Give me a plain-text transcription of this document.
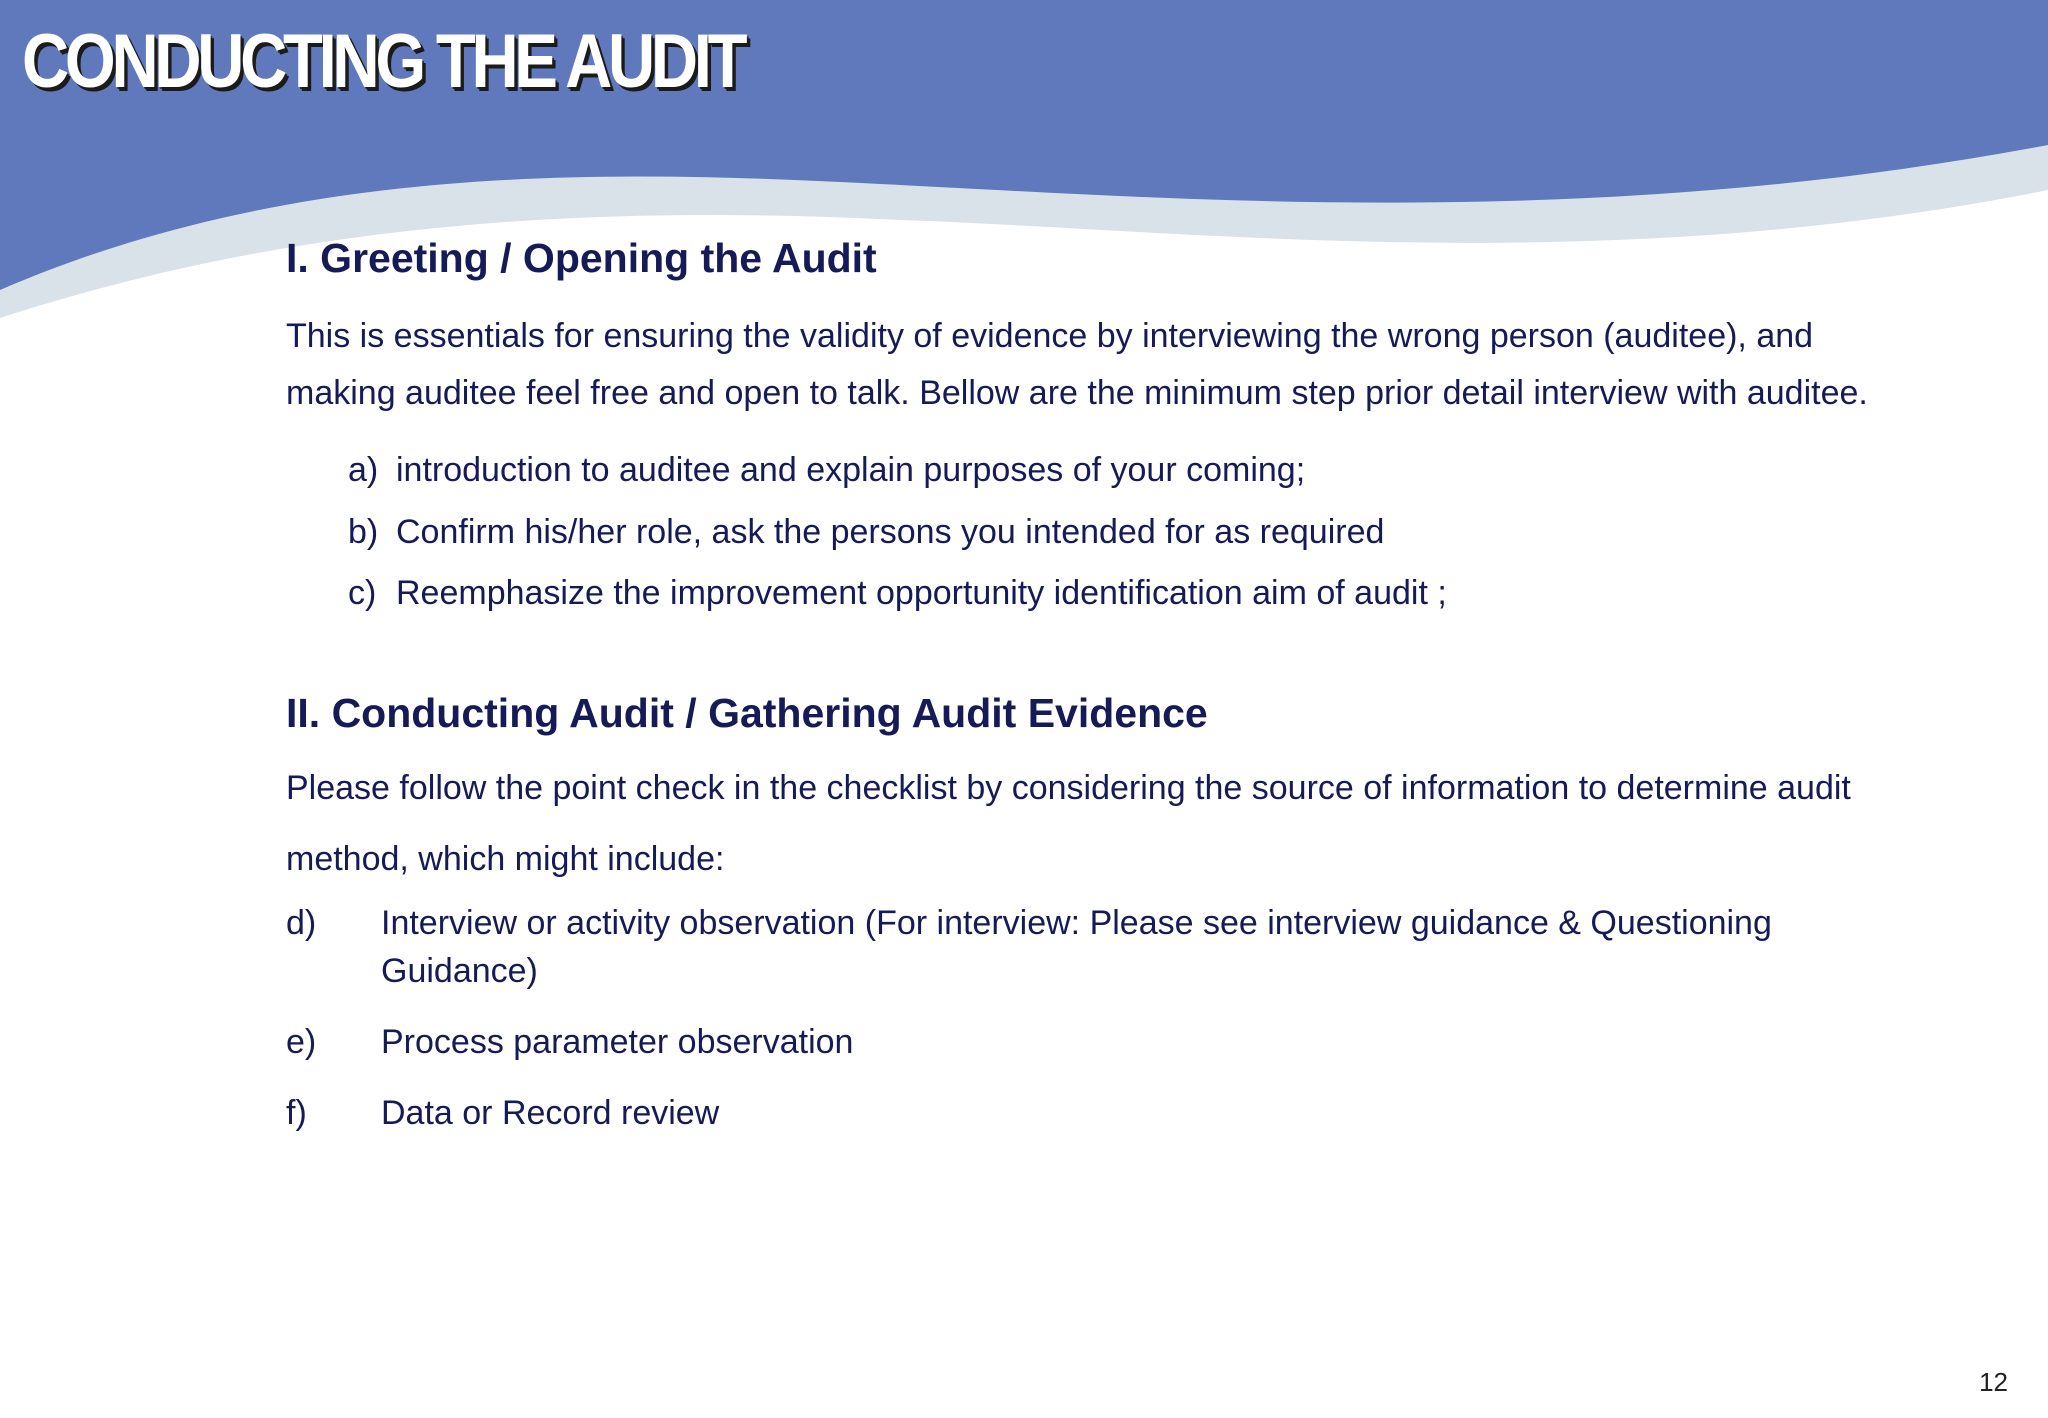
CONDUCTING THE AUDIT
I. Greeting / Opening the Audit

This is essentials for ensuring the validity of evidence by interviewing the wrong person (auditee), and making auditee feel free and open to talk. Bellow are the minimum step prior detail interview with auditee.

a) introduction to auditee and explain purposes of your coming;
b) Confirm his/her role, ask the persons you intended for as required
c) Reemphasize the improvement opportunity identification aim of audit ;
II. Conducting Audit / Gathering Audit Evidence

Please follow the point check in the checklist by considering the source of information to determine audit method, which might include:

d)	Interview or activity observation (For interview: Please see interview guidance & Questioning Guidance)
e)	Process parameter observation
f)	Data or Record review
12
